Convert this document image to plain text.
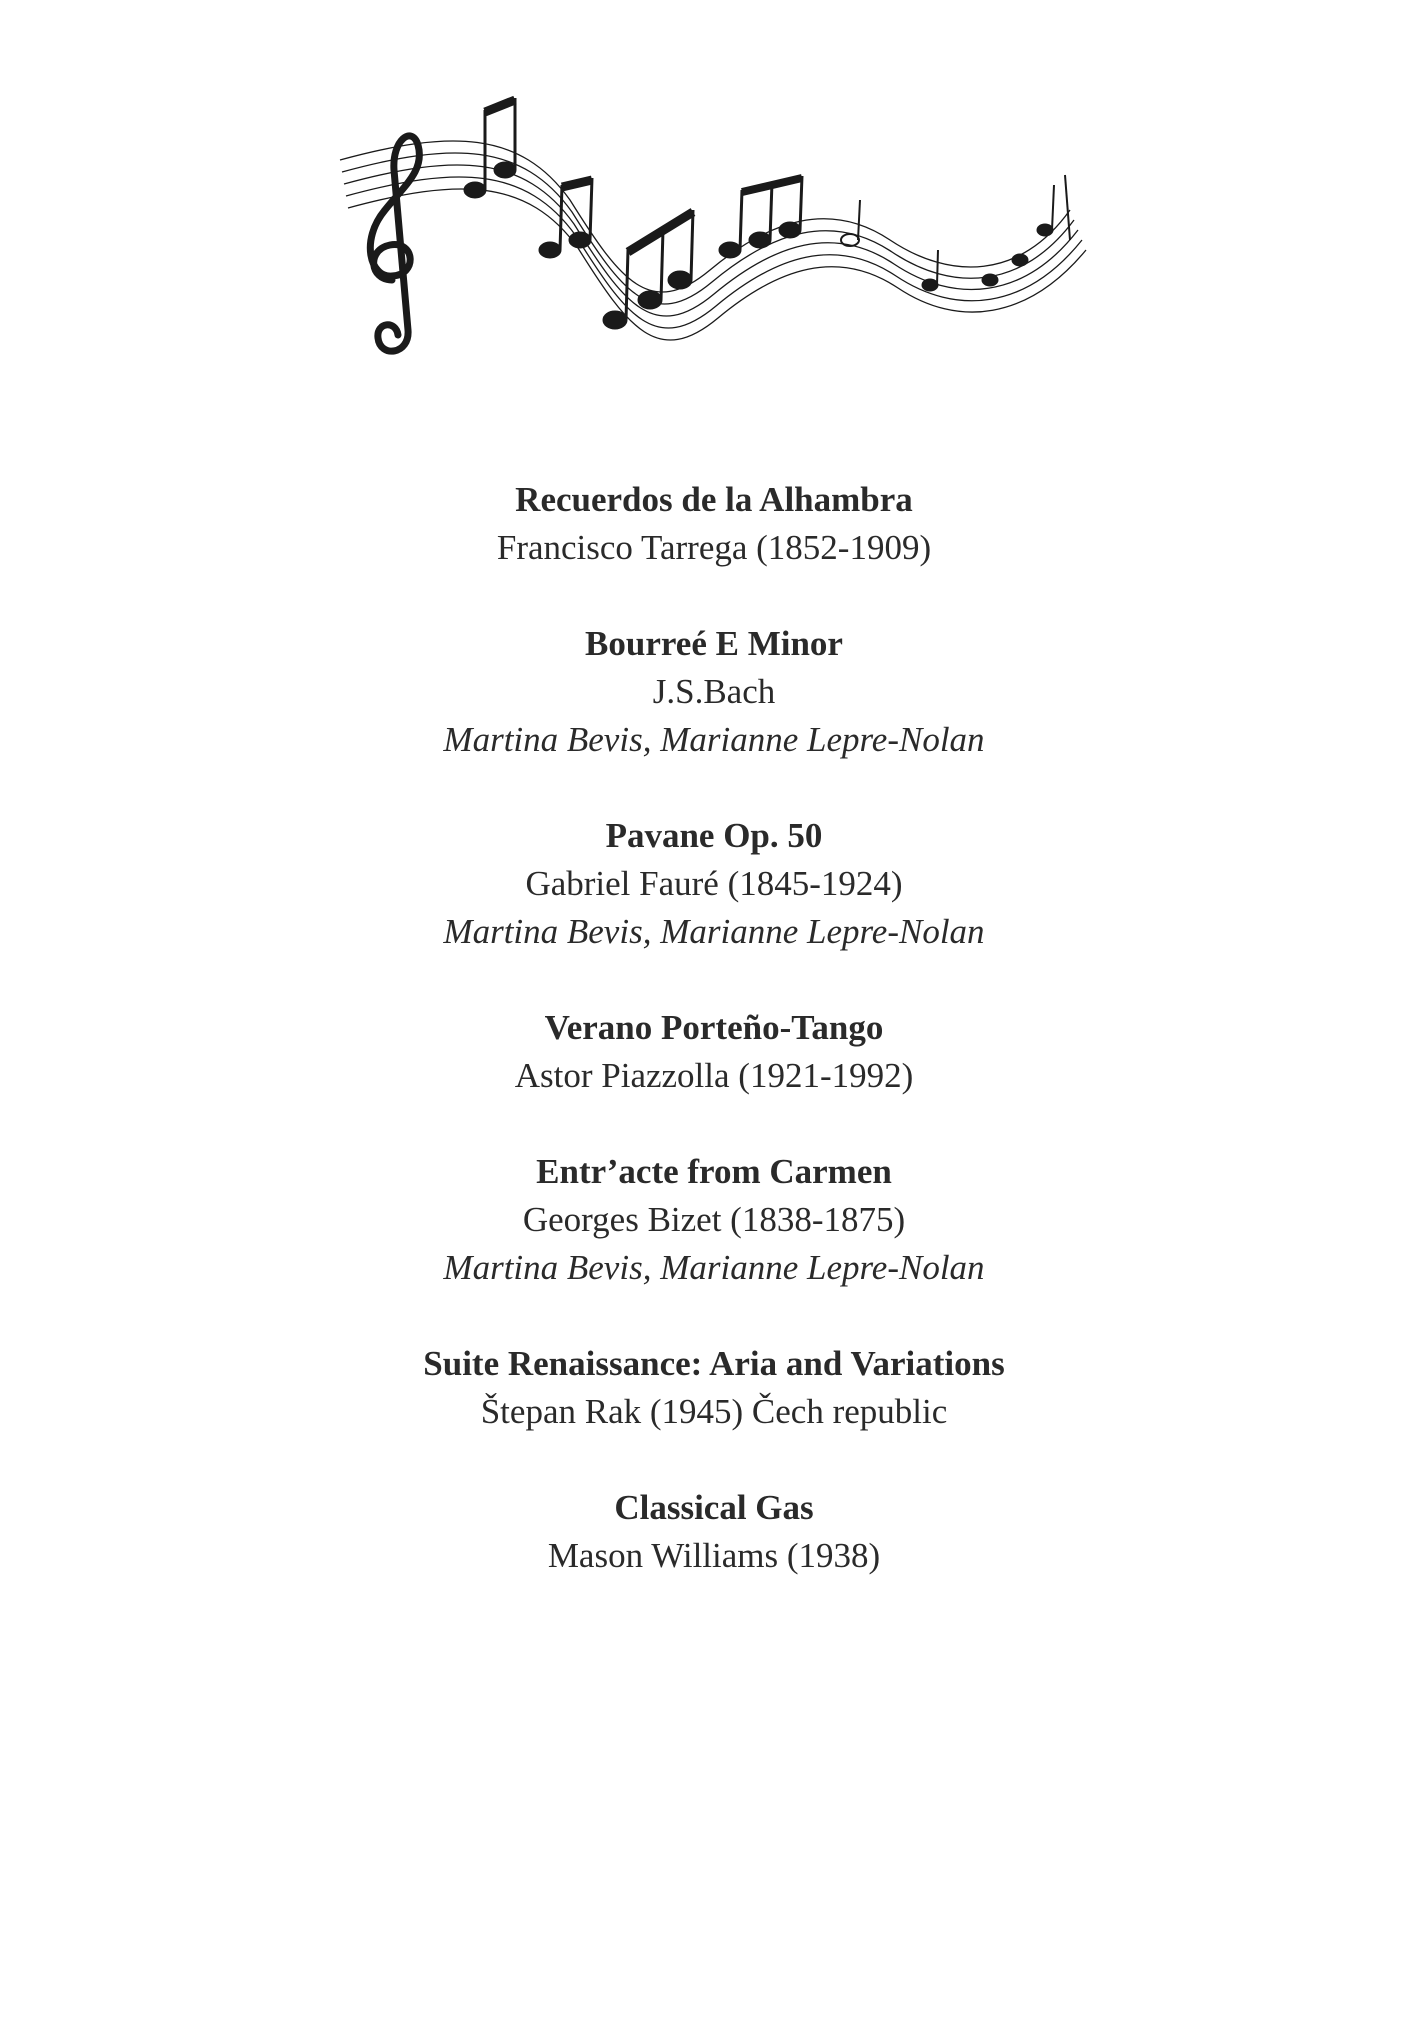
Recuerdos de la Alhambra
Francisco Tarrega (1852-1909)
Bourreé E Minor
J.S.Bach
Martina Bevis, Marianne Lepre-Nolan
Pavane Op. 50
Gabriel Fauré (1845-1924)
Martina Bevis, Marianne Lepre-Nolan
Verano Porteño-Tango
Astor Piazzolla (1921-1992)
Entr’acte from Carmen
Georges Bizet (1838-1875)
Martina Bevis, Marianne Lepre-Nolan
Suite Renaissance: Aria and Variations
Štepan Rak (1945) Čech republic
Classical Gas
Mason Williams (1938)
